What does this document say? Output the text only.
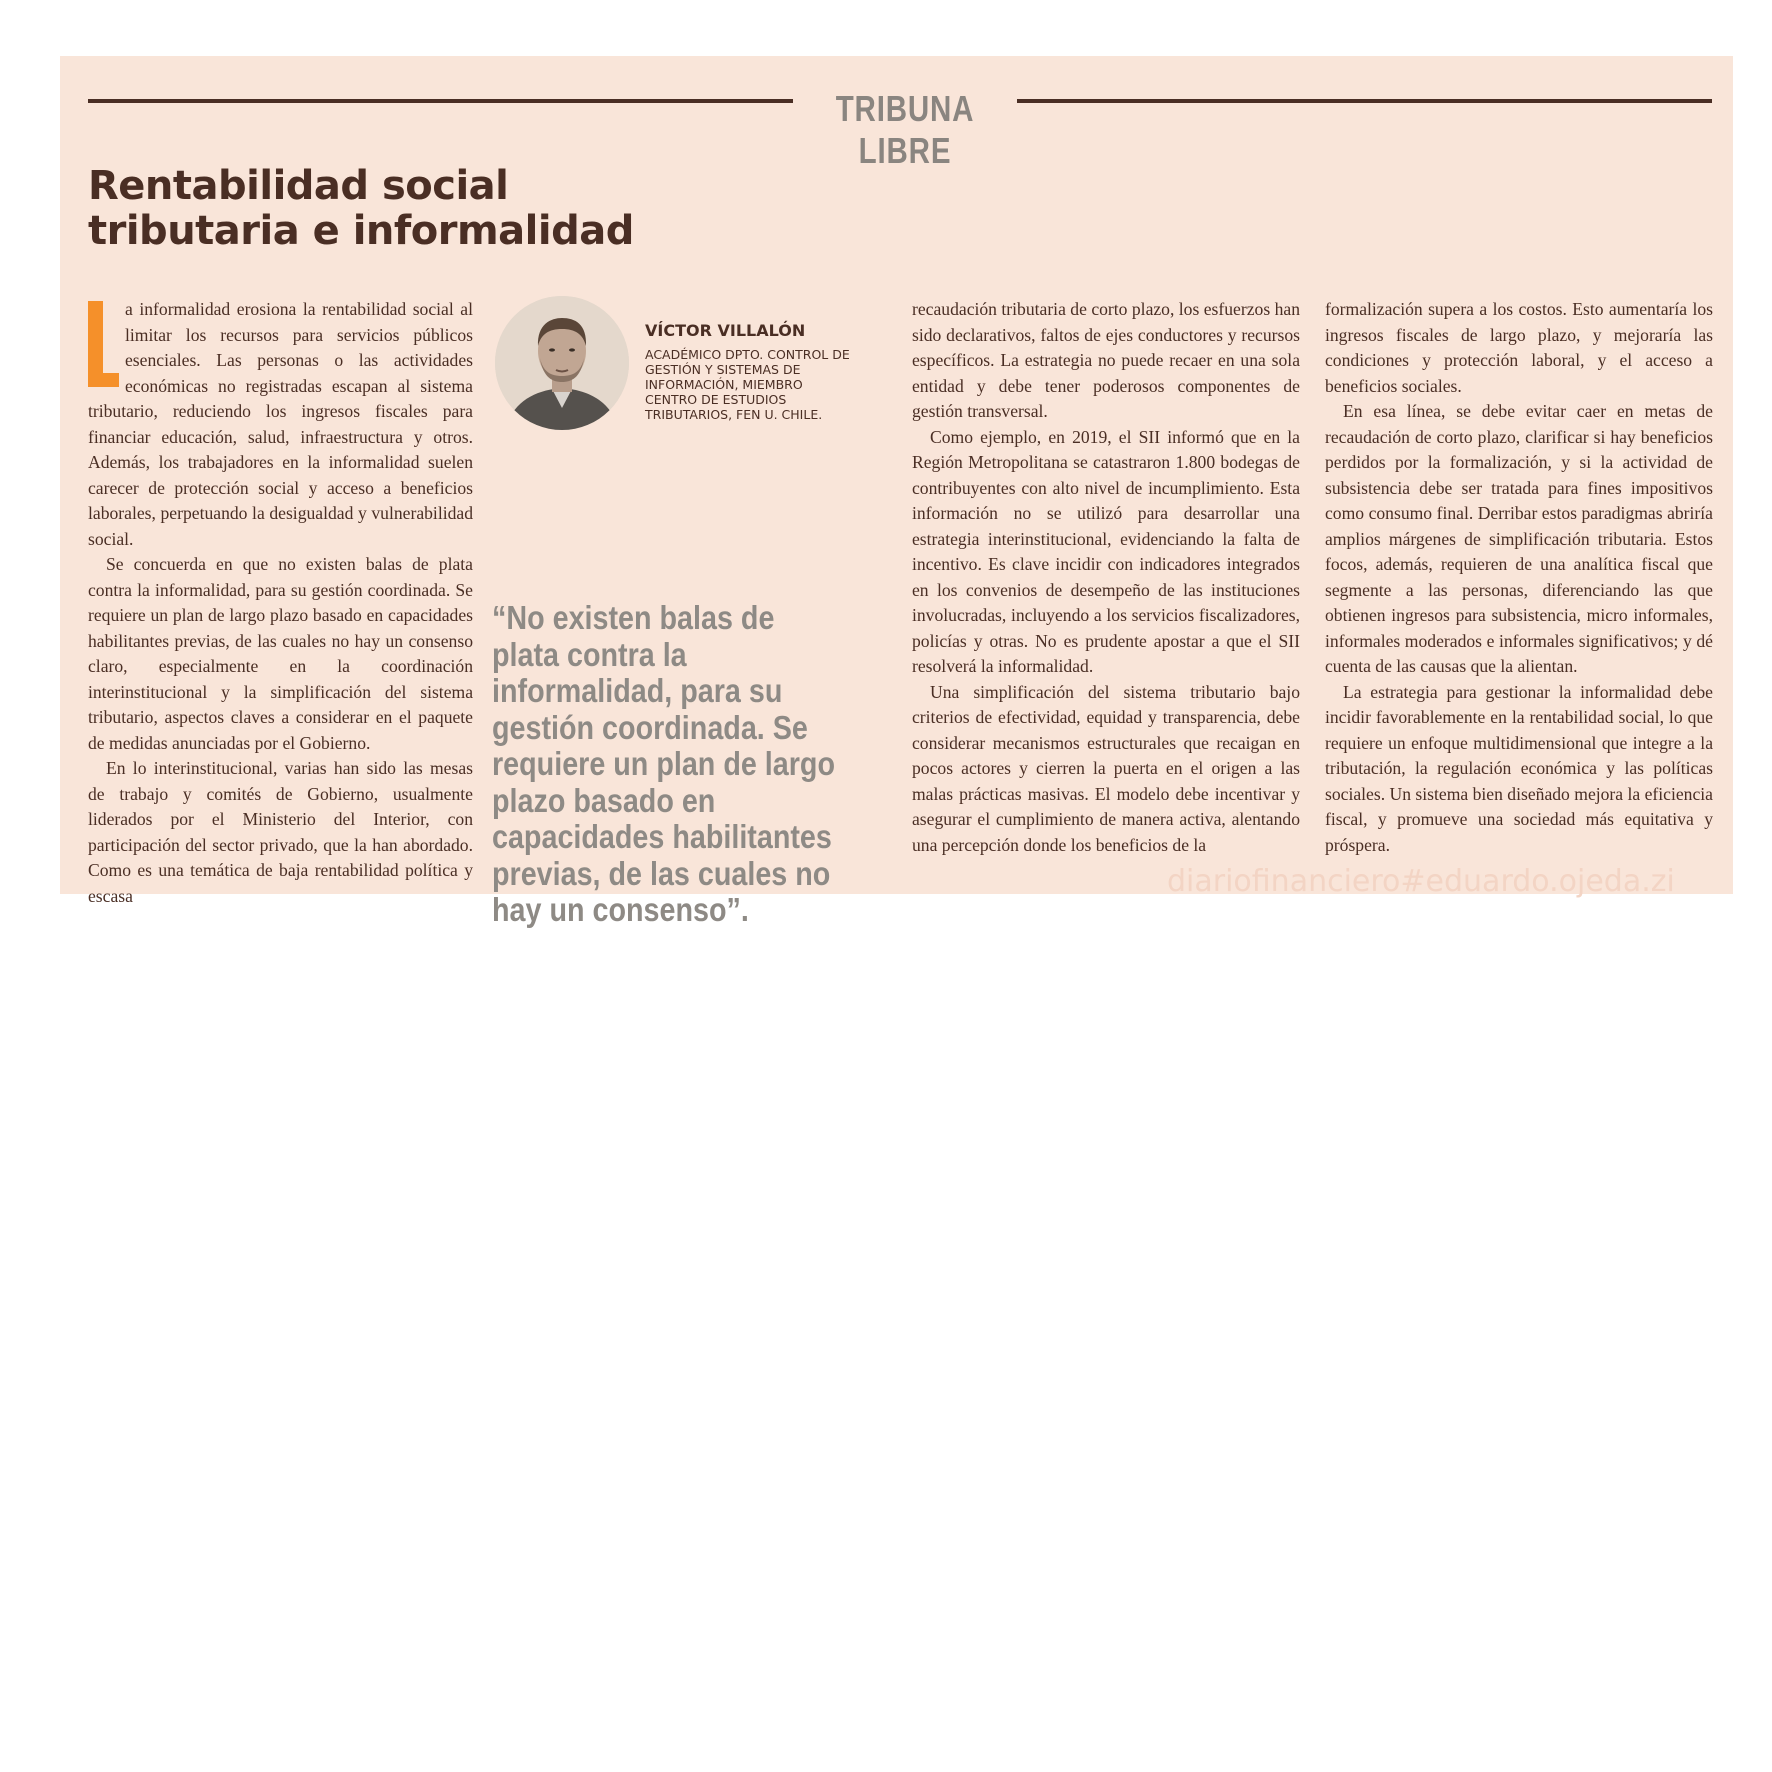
TRIBUNA LIBRE
Rentabilidad social tributaria e informalidad

a informalidad erosiona la rentabilidad social al limitar los recursos para servicios públicos esenciales. Las personas o las actividades económicas no registradas escapan al sistema tributario, reduciendo los ingresos fiscales para financiar educación, salud, infraestructura y otros. Además, los trabajadores en la informalidad suelen carecer de protección social y acceso a beneficios laborales, perpetuando la desigualdad y vulnerabilidad social.

Se concuerda en que no existen balas de plata contra la informalidad, para su gestión coordinada. Se requiere un plan de largo plazo basado en capacidades habilitantes previas, de las cuales no hay un consenso claro, especialmente en la coordinación interinstitucional y la simplificación del sistema tributario, aspectos claves a considerar en el paquete de medidas anunciadas por el Gobierno.

En lo interinstitucional, varias han sido las mesas de trabajo y comités de Gobierno, usualmente liderados por el Ministerio del Interior, con participación del sector privado, que la han abordado. Como es una temática de baja rentabilidad política y escasa

VÍCTOR VILLALÓN

ACADÉMICO DPTO. CONTROL DE GESTIÓN Y SISTEMAS DE INFORMACIÓN, MIEMBRO CENTRO DE ESTUDIOS TRIBUTARIOS, FEN U. CHILE.

“No existen balas de plata contra la informalidad, para su gestión coordinada. Se requiere un plan de largo plazo basado en capacidades habilitantes previas, de las cuales no hay un consenso”.

recaudación tributaria de corto plazo, los esfuerzos han sido declarativos, faltos de ejes conductores y recursos específicos. La estrategia no puede recaer en una sola entidad y debe tener poderosos componentes de gestión transversal.

Como ejemplo, en 2019, el SII informó que en la Región Metropolitana se catastraron 1.800 bodegas de contribuyentes con alto nivel de incumplimiento. Esta información no se utilizó para desarrollar una estrategia interinstitucional, evidenciando la falta de incentivo. Es clave incidir con indicadores integrados en los convenios de desempeño de las instituciones involucradas, incluyendo a los servicios fiscalizadores, policías y otras. No es prudente apostar a que el SII resolverá la informalidad.

Una simplificación del sistema tributario bajo criterios de efectividad, equidad y transparencia, debe considerar mecanismos estructurales que recaigan en pocos actores y cierren la puerta en el origen a las malas prácticas masivas. El modelo debe incentivar y asegurar el cumplimiento de manera activa, alentando una percepción donde los beneficios de la

formalización supera a los costos. Esto aumentaría los ingresos fiscales de largo plazo, y mejoraría las condiciones y protección laboral, y el acceso a beneficios sociales.

En esa línea, se debe evitar caer en metas de recaudación de corto plazo, clarificar si hay beneficios perdidos por la formalización, y si la actividad de subsistencia debe ser tratada para fines impositivos como consumo final. Derribar estos paradigmas abriría amplios márgenes de simplificación tributaria. Estos focos, además, requieren de una analítica fiscal que segmente a las personas, diferenciando las que obtienen ingresos para subsistencia, micro informales, informales moderados e informales significativos; y dé cuenta de las causas que la alientan.

La estrategia para gestionar la informalidad debe incidir favorablemente en la rentabilidad social, lo que requiere un enfoque multidimensional que integre a la tributación, la regulación económica y las políticas sociales. Un sistema bien diseñado mejora la eficiencia fiscal, y promueve una sociedad más equitativa y próspera.

diariofinanciero#eduardo.ojeda.zi
